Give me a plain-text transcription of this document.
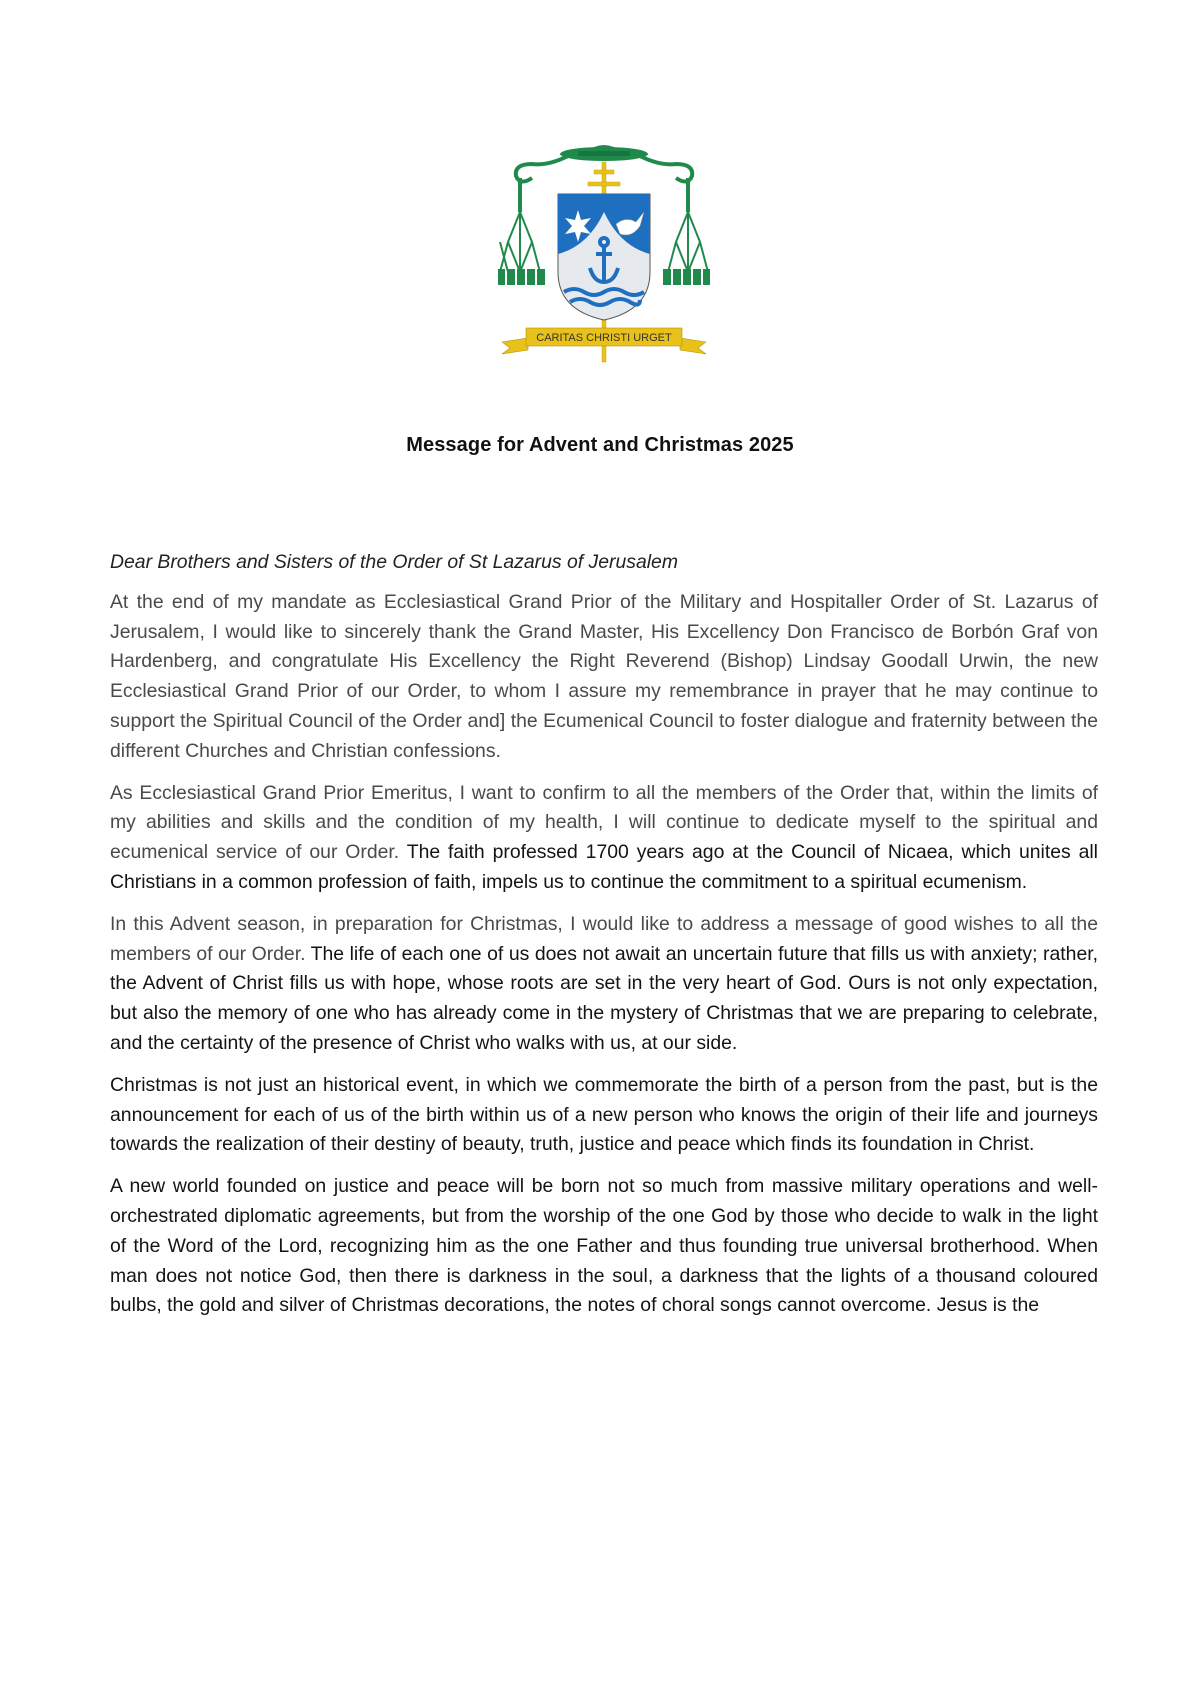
CARITAS CHRISTI URGET
Message for Advent and Christmas 2025

Dear Brothers and Sisters of the Order of St Lazarus of Jerusalem

At the end of my mandate as Ecclesiastical Grand Prior of the Military and Hospitaller Order of St. Lazarus of Jerusalem, I would like to sincerely thank the Grand Master, His Excellency Don Francisco de Borbón Graf von Hardenberg, and congratulate His Excellency the Right Reverend (Bishop) Lindsay Goodall Urwin, the new Ecclesiastical Grand Prior of our Order, to whom I assure my remembrance in prayer that he may continue to support the Spiritual Council of the Order and] the Ecumenical Council to foster dialogue and fraternity between the different Churches and Christian confessions.

As Ecclesiastical Grand Prior Emeritus, I want to confirm to all the members of the Order that, within the limits of my abilities and skills and the condition of my health, I will continue to dedicate myself to the spiritual and ecumenical service of our Order. The faith professed 1700 years ago at the Council of Nicaea, which unites all Christians in a common profession of faith, impels us to continue the commitment to a spiritual ecumenism.

In this Advent season, in preparation for Christmas, I would like to address a message of good wishes to all the members of our Order. The life of each one of us does not await an uncertain future that fills us with anxiety; rather, the Advent of Christ fills us with hope, whose roots are set in the very heart of God. Ours is not only expectation, but also the memory of one who has already come in the mystery of Christmas that we are preparing to celebrate, and the certainty of the presence of Christ who walks with us, at our side.

Christmas is not just an historical event, in which we commemorate the birth of a person from the past, but is the announcement for each of us of the birth within us of a new person who knows the origin of their life and journeys towards the realization of their destiny of beauty, truth, justice and peace which finds its foundation in Christ.

A new world founded on justice and peace will be born not so much from massive military operations and well-orchestrated diplomatic agreements, but from the worship of the one God by those who decide to walk in the light of the Word of the Lord, recognizing him as the one Father and thus founding true universal brotherhood. When man does not notice God, then there is darkness in the soul, a darkness that the lights of a thousand coloured bulbs, the gold and silver of Christmas decorations, the notes of choral songs cannot overcome. Jesus is the
